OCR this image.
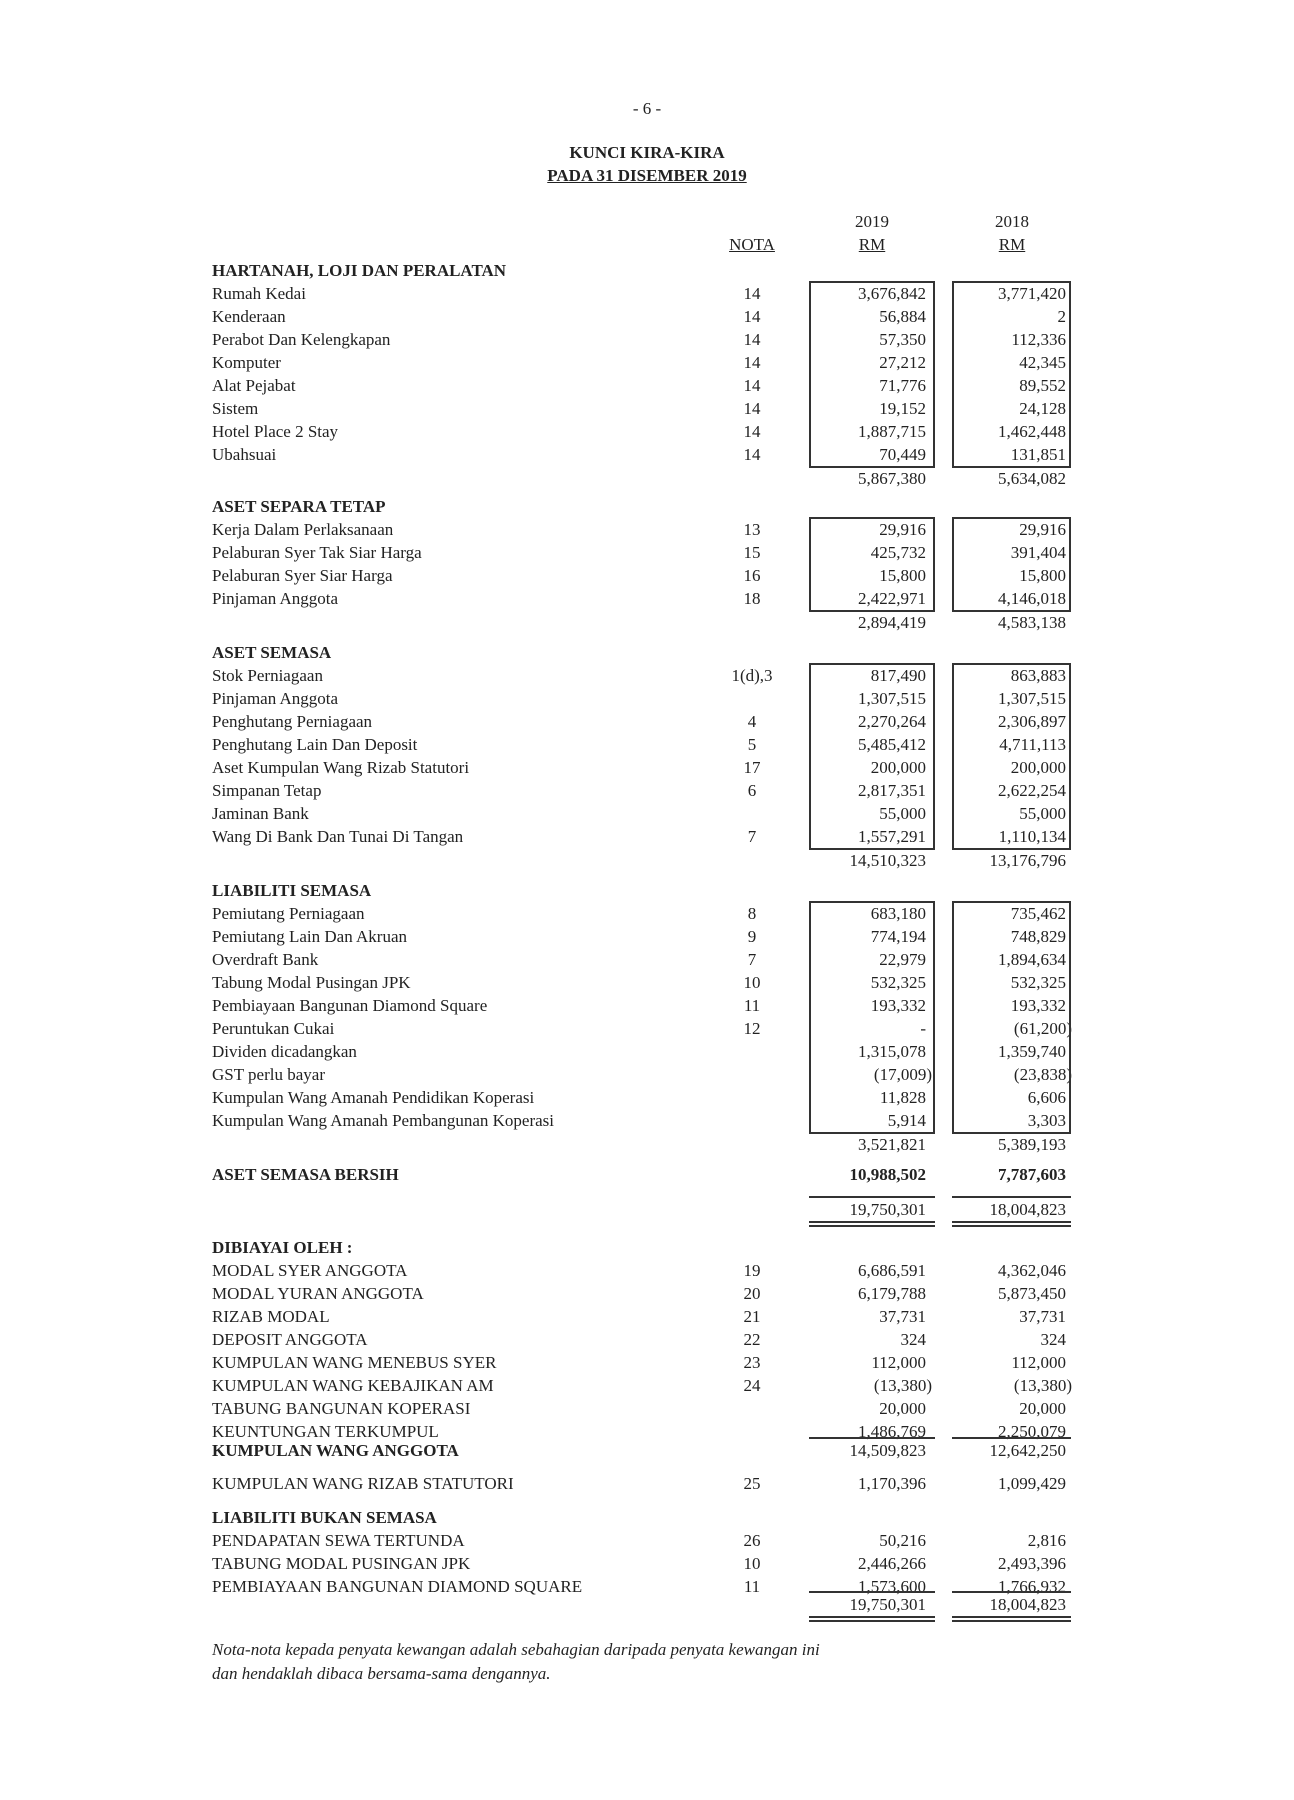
- 6 -
KUNCI KIRA-KIRA
PADA 31 DISEMBER 2019
2019	2018
NOTA	RM	RM
HARTANAH, LOJI DAN PERALATAN
Rumah Kedai	14	3,676,842	3,771,420
Kenderaan	14	56,884	2
Perabot Dan Kelengkapan	14	57,350	112,336
Komputer	14	27,212	42,345
Alat Pejabat	14	71,776	89,552
Sistem	14	19,152	24,128
Hotel Place 2 Stay	14	1,887,715	1,462,448
Ubahsuai	14	70,449	131,851
5,867,380	5,634,082
ASET SEPARA TETAP
Kerja Dalam Perlaksanaan	13	29,916	29,916
Pelaburan Syer Tak Siar Harga	15	425,732	391,404
Pelaburan Syer Siar Harga	16	15,800	15,800
Pinjaman Anggota	18	2,422,971	4,146,018
2,894,419	4,583,138
ASET SEMASA
Stok Perniagaan	1(d),3	817,490	863,883
Pinjaman Anggota	1,307,515	1,307,515
Penghutang Perniagaan	4	2,270,264	2,306,897
Penghutang Lain Dan Deposit	5	5,485,412	4,711,113
Aset Kumpulan Wang Rizab Statutori	17	200,000	200,000
Simpanan Tetap	6	2,817,351	2,622,254
Jaminan Bank	55,000	55,000
Wang Di Bank Dan Tunai Di Tangan	7	1,557,291	1,110,134
14,510,323	13,176,796
LIABILITI SEMASA
Pemiutang Perniagaan	8	683,180	735,462
Pemiutang Lain Dan Akruan	9	774,194	748,829
Overdraft Bank	7	22,979	1,894,634
Tabung Modal Pusingan JPK	10	532,325	532,325
Pembiayaan Bangunan Diamond Square	11	193,332	193,332
Peruntukan Cukai	12	-	(61,200)
Dividen dicadangkan	1,315,078	1,359,740
GST perlu bayar	(17,009)	(23,838)
Kumpulan Wang Amanah Pendidikan Koperasi	11,828	6,606
Kumpulan Wang Amanah Pembangunan Koperasi	5,914	3,303
3,521,821	5,389,193
ASET SEMASA BERSIH	10,988,502	7,787,603
19,750,301	18,004,823
DIBIAYAI OLEH :
MODAL SYER ANGGOTA	19	6,686,591	4,362,046
MODAL YURAN ANGGOTA	20	6,179,788	5,873,450
RIZAB MODAL	21	37,731	37,731
DEPOSIT ANGGOTA	22	324	324
KUMPULAN WANG MENEBUS SYER	23	112,000	112,000
KUMPULAN WANG KEBAJIKAN AM	24	(13,380)	(13,380)
TABUNG BANGUNAN KOPERASI	20,000	20,000
KEUNTUNGAN TERKUMPUL	1,486,769	2,250,079
KUMPULAN WANG ANGGOTA	14,509,823	12,642,250
KUMPULAN WANG RIZAB STATUTORI	25	1,170,396	1,099,429
LIABILITI BUKAN SEMASA
PENDAPATAN SEWA TERTUNDA	26	50,216	2,816
TABUNG MODAL PUSINGAN JPK	10	2,446,266	2,493,396
PEMBIAYAAN BANGUNAN DIAMOND SQUARE	11	1,573,600	1,766,932
19,750,301	18,004,823
Nota-nota kepada penyata kewangan adalah sebahagian daripada penyata kewangan ini
dan hendaklah dibaca bersama-sama dengannya.
